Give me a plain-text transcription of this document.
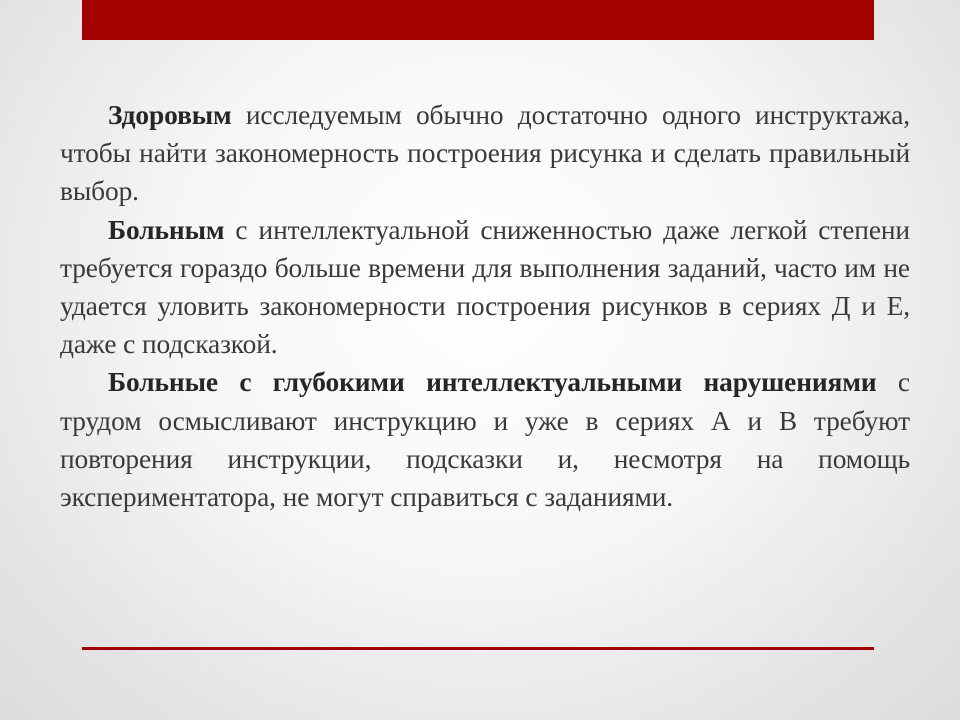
Здоровым исследуемым обычно достаточно одного инструктажа, чтобы найти закономерность построения рисунка и сделать правильный выбор.

Больным с интеллектуальной сниженностью даже легкой степени требуется гораздо больше времени для выполнения заданий, часто им не удается уловить закономерности построения рисунков в сериях Д и Е, даже с подсказкой.

Больные с глубокими интеллектуальными нарушениями с трудом осмысливают инструкцию и уже в сериях А и В требуют повторения инструкции, подсказки и, несмотря на помощь экспериментатора, не могут справиться с заданиями.
